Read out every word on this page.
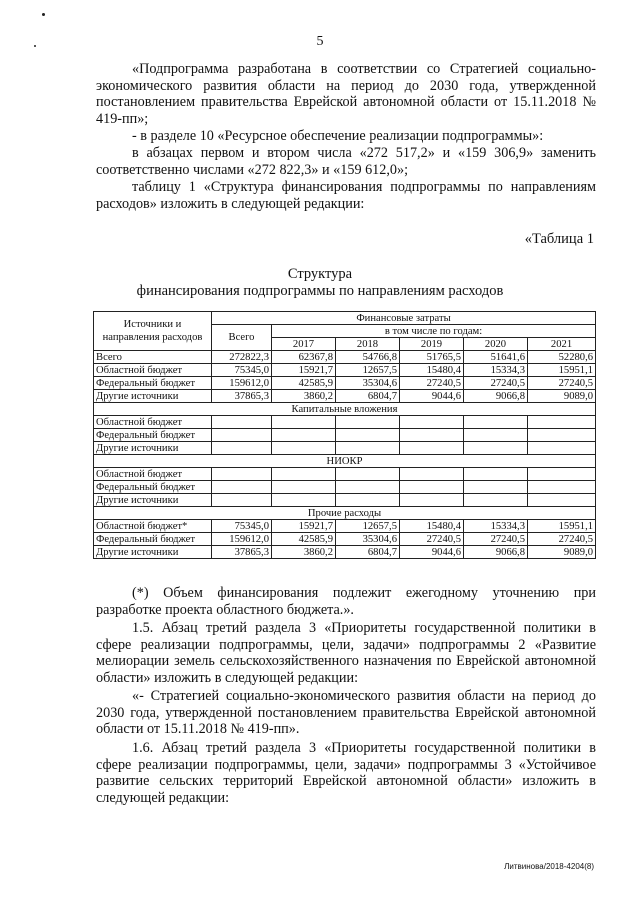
5
«Подпрограмма разработана в соответствии со Стратегией социально-экономического развития области на период до 2030 года, утвержденной постановлением правительства Еврейской автономной области от 15.11.2018 № 419-пп»;
- в разделе 10 «Ресурсное обеспечение реализации подпрограммы»:
в абзацах первом и втором числа «272 517,2» и «159 306,9» заменить соответственно числами «272 822,3» и «159 612,0»;
таблицу 1 «Структура финансирования подпрограммы по направлениям расходов» изложить в следующей редакции:
«Таблица 1
Структура
финансирования подпрограммы по направлениям расходов
Источники и направления расходов	Финансовые затраты					
	Всего	в том числе по годам:				
		2017	2018	2019	2020	2021
Всего	272822,3	62367,8	54766,8	51765,5	51641,6	52280,6
Областной бюджет	75345,0	15921,7	12657,5	15480,4	15334,3	15951,1
Федеральный бюджет	159612,0	42585,9	35304,6	27240,5	27240,5	27240,5
Другие источники	37865,3	3860,2	6804,7	9044,6	9066,8	9089,0
Капитальные вложения						
Областной бюджет						
Федеральный бюджет						
Другие источники						
НИОКР						
Областной бюджет						
Федеральный бюджет						
Другие источники						
Прочие расходы						
Областной бюджет*	75345,0	15921,7	12657,5	15480,4	15334,3	15951,1
Федеральный бюджет	159612,0	42585,9	35304,6	27240,5	27240,5	27240,5
Другие источники	37865,3	3860,2	6804,7	9044,6	9066,8	9089,0
(*) Объем финансирования подлежит ежегодному уточнению при разработке проекта областного бюджета.».
1.5. Абзац третий раздела 3 «Приоритеты государственной политики в сфере реализации подпрограммы, цели, задачи» подпрограммы 2 «Развитие мелиорации земель сельскохозяйственного назначения по Еврейской автономной области» изложить в следующей редакции:
«- Стратегией социально-экономического развития области на период до 2030 года, утвержденной постановлением правительства Еврейской автономной области от 15.11.2018 № 419-пп».
1.6. Абзац третий раздела 3 «Приоритеты государственной политики в сфере реализации подпрограммы, цели, задачи» подпрограммы 3 «Устойчивое развитие сельских территорий Еврейской автономной области» изложить в следующей редакции:
Литвинова/2018-4204(8)
